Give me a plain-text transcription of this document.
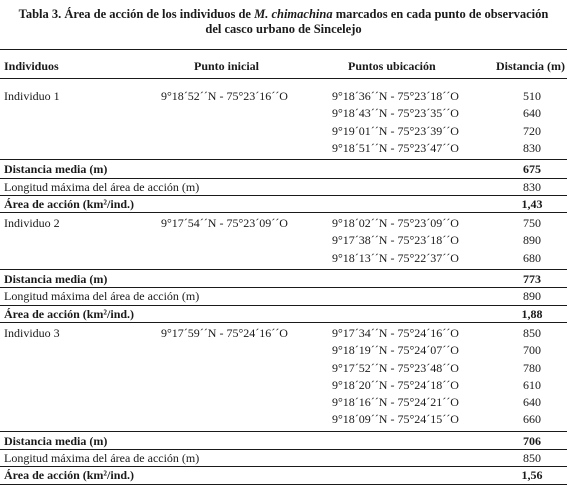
Tabla 3. Área de acción de los individuos de M. chimachina marcados en cada punto de observación
del casco urbano de Sincelejo
Individuos	Punto inicial	Puntos ubicación	Distancia (m)
Individuo 1	9°18´52´´N - 75°23´16´´O	9°18´36´´N - 75°23´18´´O	510
9°18´43´´N - 75°23´35´´O	640
9°19´01´´N - 75°23´39´´O	720
9°18´51´´N - 75°23´47´´O	830
Distancia media (m)	675
Longitud máxima del área de acción (m)	830
Área de acción (km²/ind.)	1,43
Individuo 2	9°17´54´´N - 75°23´09´´O	9°18´02´´N - 75°23´09´´O	750
9°17´38´´N - 75°23´18´´O	890
9°18´13´´N - 75°22´37´´O	680
Distancia media (m)	773
Longitud máxima del área de acción (m)	890
Área de acción (km²/ind.)	1,88
Individuo 3	9°17´59´´N - 75°24´16´´O	9°17´34´´N - 75°24´16´´O	850
9°18´19´´N - 75°24´07´´O	700
9°17´52´´N - 75°23´48´´O	780
9°18´20´´N - 75°24´18´´O	610
9°18´16´´N - 75°24´21´´O	640
9°18´09´´N - 75°24´15´´O	660
Distancia media (m)	706
Longitud máxima del área de acción (m)	850
Área de acción (km²/ind.)	1,56
